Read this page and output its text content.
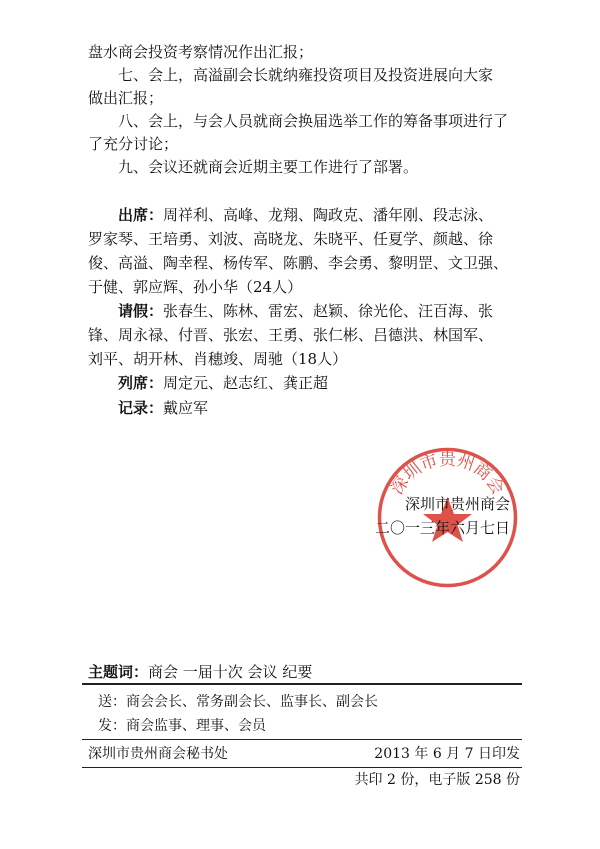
盘水商会投资考察情况作出汇报；
七、会上，高溢副会长就纳雍投资项目及投资进展向大家
做出汇报；
八、会上，与会人员就商会换届选举工作的筹备事项进行了
了充分讨论；
九、会议还就商会近期主要工作进行了部署。
出席：周祥利、高峰、龙翔、陶政克、潘年刚、段志泳、
罗家琴、王培勇、刘波、高晓龙、朱晓平、任夏学、颜越、徐
俊、高溢、陶幸程、杨传军、陈鹏、李会勇、黎明罡、文卫强、
于健、郭应辉、孙小华（24人）
请假：张春生、陈林、雷宏、赵颖、徐光伦、汪百海、张
锋、周永禄、付晋、张宏、王勇、张仁彬、吕德洪、林国军、
刘平、胡开林、肖穗竣、周驰（18人）
列席：周定元、赵志红、龚正超
记录：戴应军
深圳市贵州商会
深圳市贵州商会
二〇一三年六月七日
主题词：商会 一届十次 会议 纪要
送：商会会长、常务副会长、监事长、副会长
发：商会监事、理事、会员
深圳市贵州商会秘书处	2013 年 6 月 7 日印发
共印 2 份，电子版 258 份
